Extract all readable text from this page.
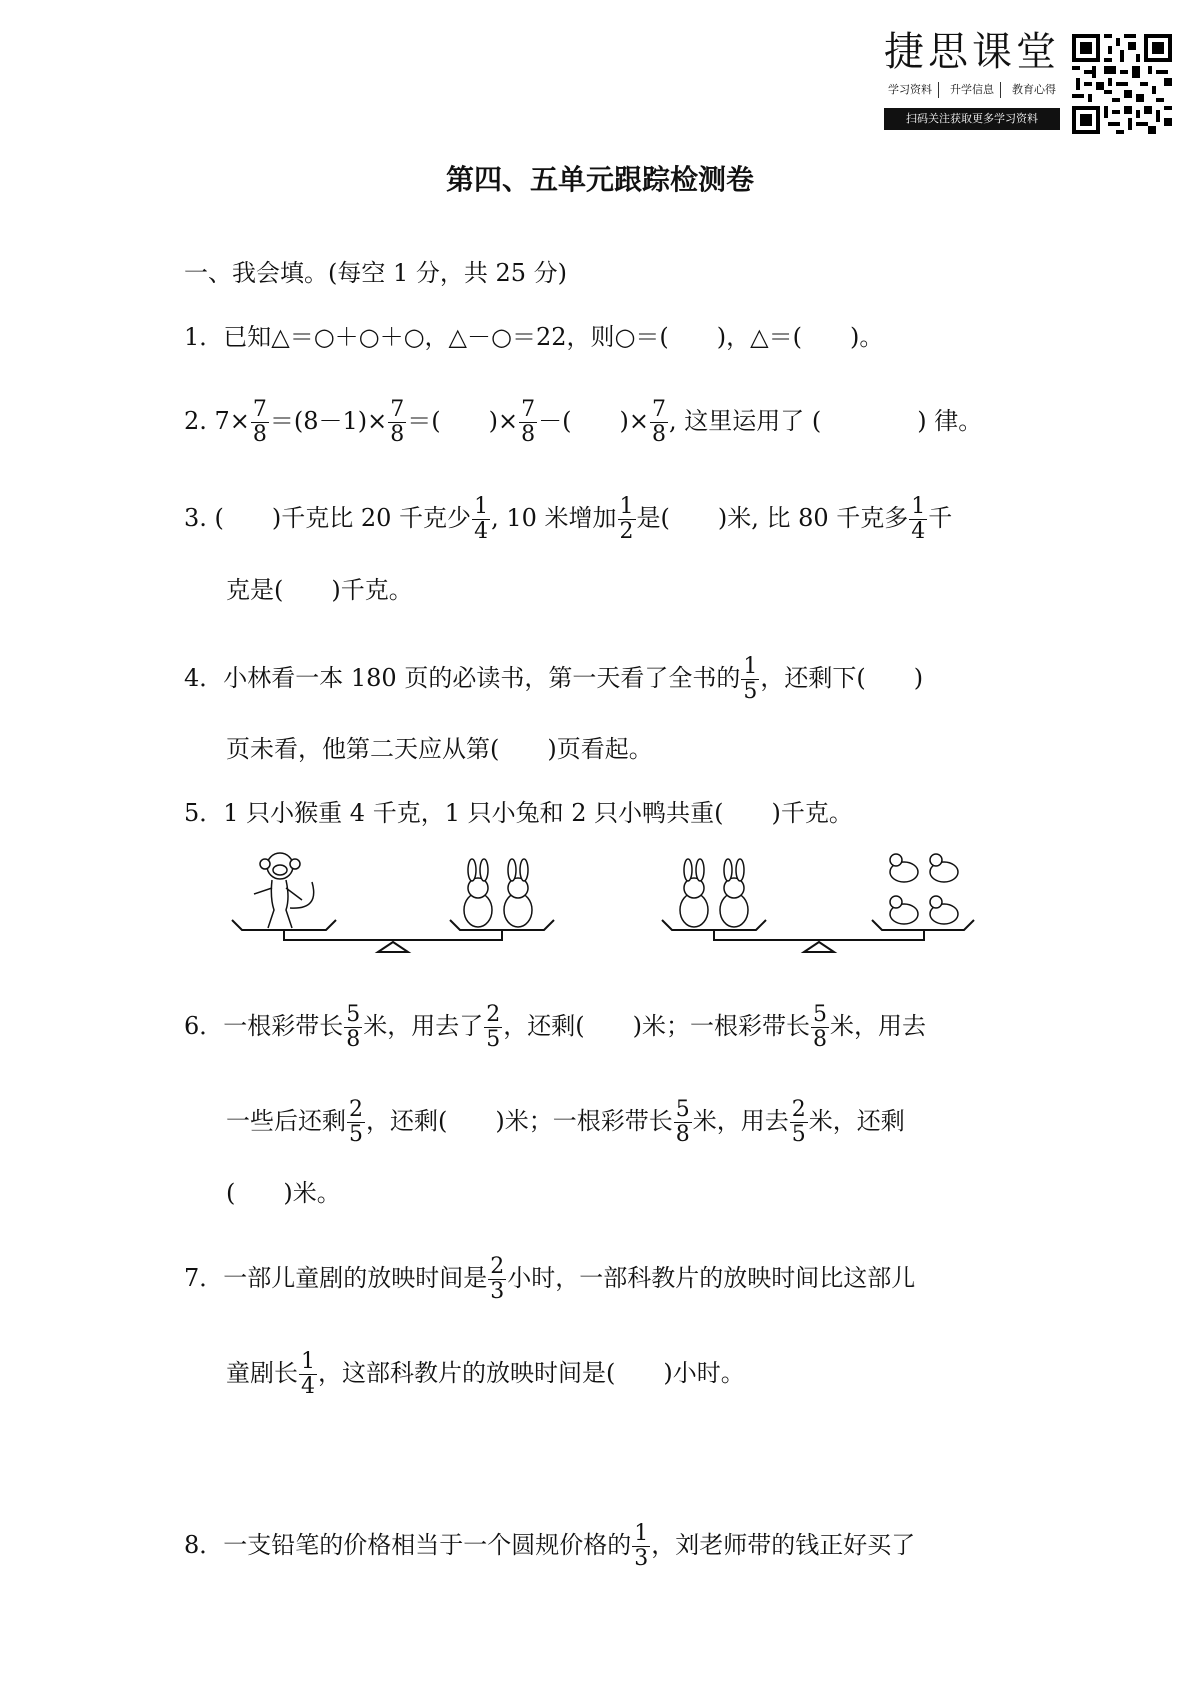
捷思课堂
学习资料	升学信息	教育心得
扫码关注获取更多学习资料
第四、五单元跟踪检测卷
一、我会填。(每空 1 分，共 25 分)
1．已知△＝○＋○＋○，△－○＝22，则○＝(　　)，△＝(　　)。
2. $7\times \frac{7}{8} =(8-1)\times \frac{7}{8}$ ＝(　　)× $\frac{7}{8}$ －(　　)× $\frac{7}{8}$ , 这里运用了 (　　　　) 律。
3. (　　)千克比 20 千克少 $\frac{1}{4}$ , 10 米增加 $\frac{1}{2}$ 是(　　)米, 比 80 千克多 $\frac{1}{4}$ 千
克是(　　)千克。
4．小林看一本 180 页的必读书，第一天看了全书的 $\frac{1}{5}$ ，还剩下(　　)
页未看，他第二天应从第(　　)页看起。
5．1 只小猴重 4 千克，1 只小兔和 2 只小鸭共重(　　)千克。
6．一根彩带长 $\frac{5}{8}$ 米，用去了 $\frac{2}{5}$ ，还剩(　　)米；一根彩带长 $\frac{5}{8}$ 米，用去
一些后还剩 $\frac{2}{5}$ ，还剩(　　)米；一根彩带长 $\frac{5}{8}$ 米，用去 $\frac{2}{5}$ 米，还剩
(　　)米。
7．一部儿童剧的放映时间是 $\frac{2}{3}$ 小时，一部科教片的放映时间比这部儿
童剧长 $\frac{1}{4}$ ，这部科教片的放映时间是(　　)小时。
8．一支铅笔的价格相当于一个圆规价格的 $\frac{1}{3}$ ，刘老师带的钱正好买了
